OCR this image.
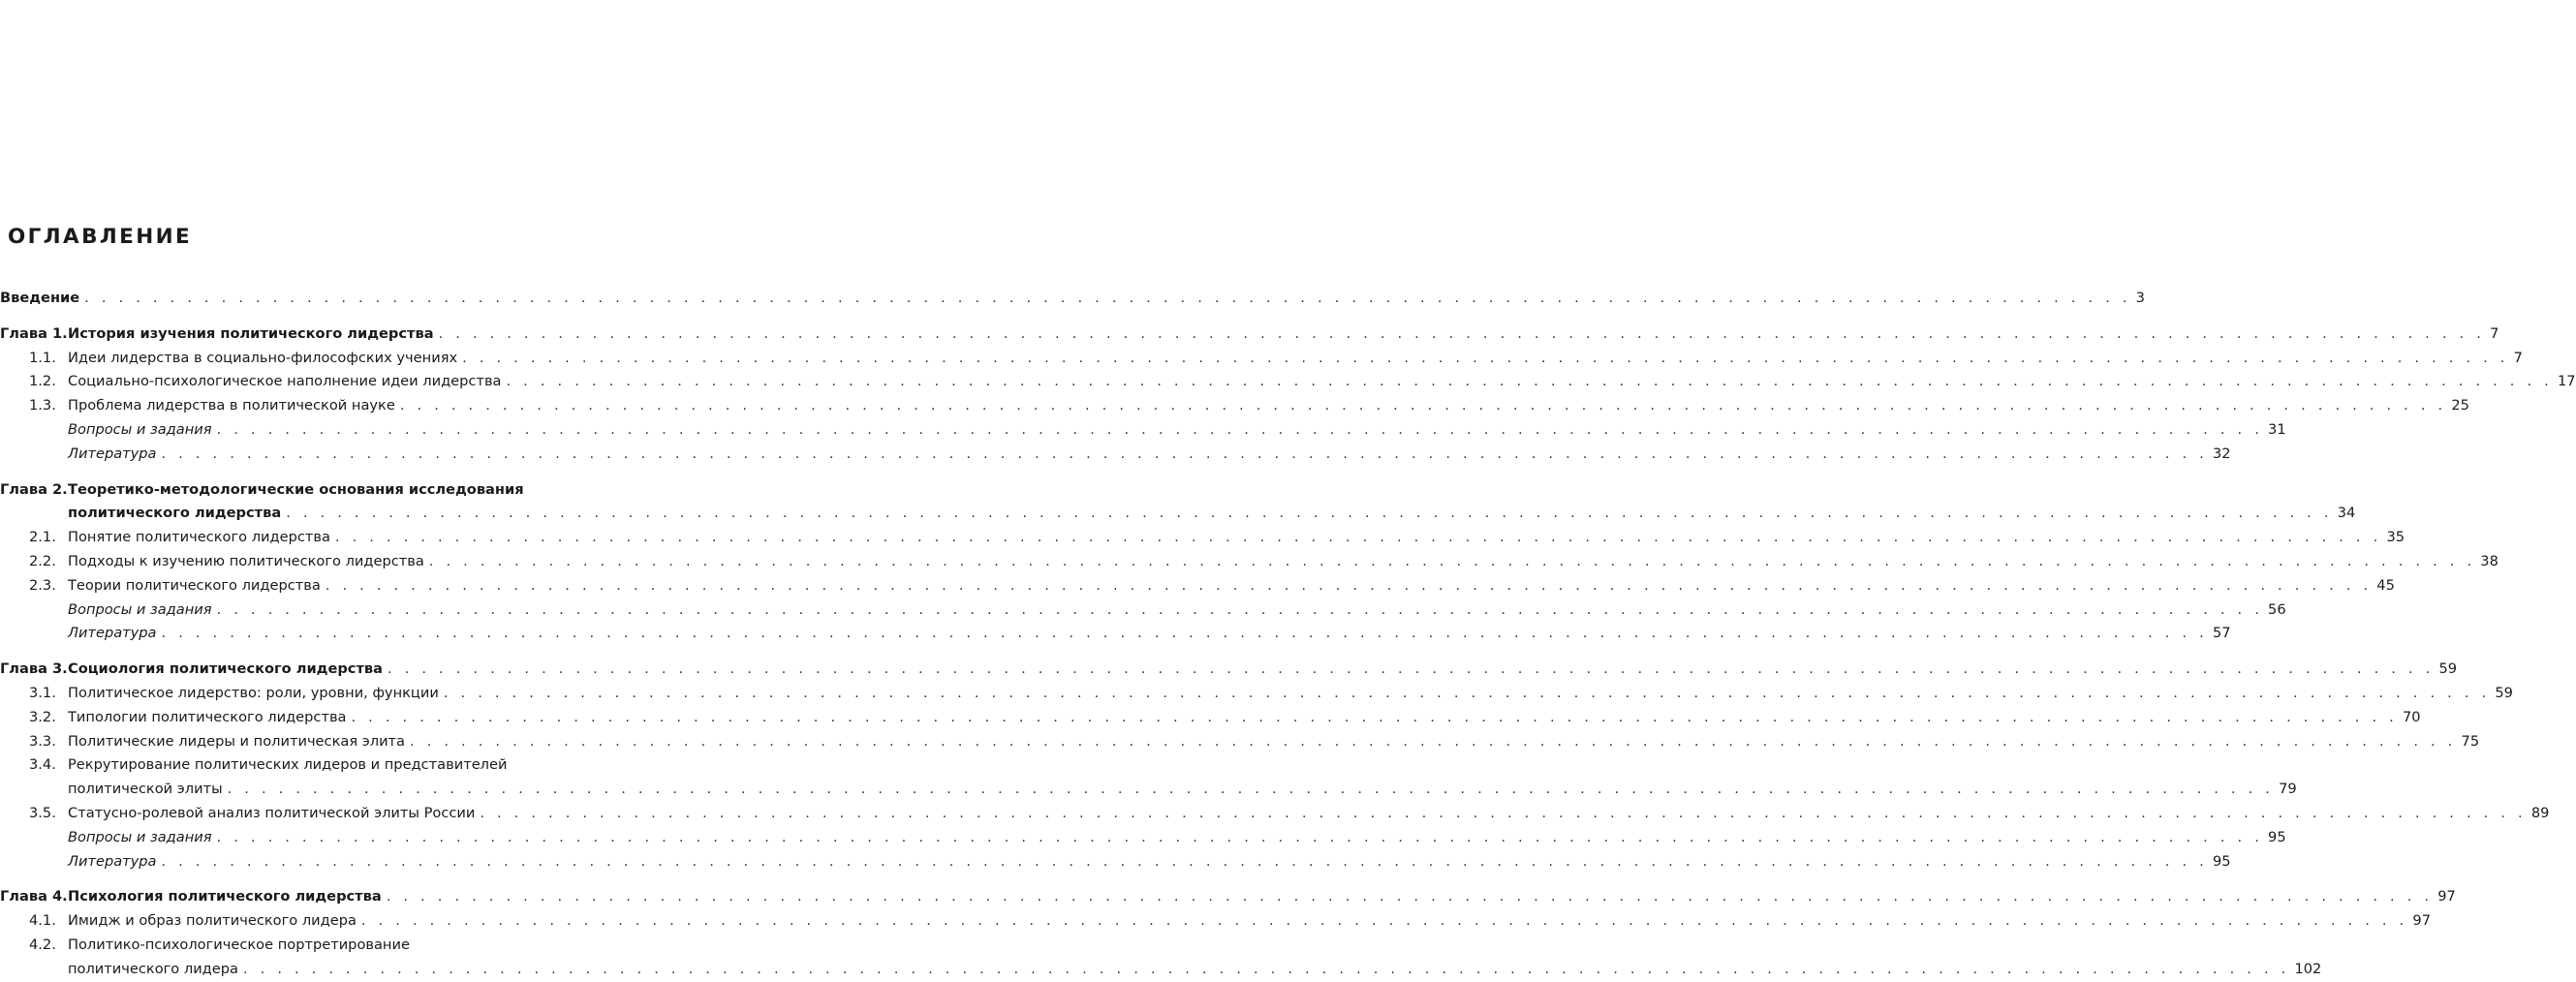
ОГЛАВЛЕНИЕ
Введение . . . . . . . . . . . . . . . . . . . . . . . . . . . . . . . . . . . . . . . . . . . . . . . . . . . . . . . . . . . . . . . . . . . . . . . . . . . . . . . . . . . . . . . . . . . . . . . . . . . . . . . . . . . . . . . . . . . . . . . . 3
Глава 1. История изучения политического лидерства . . . . . . . . . . . . . . . . . . . . . . . . . . . . . . . . . . . . . . . . . . . . . . . . . . . . . . . . . . . . . . . . . . . . . . . . . . . . . . . . . . . . . . . . . . . . . . . . . . . . . . . . . . . . . . . . . . . . . . . . 7
1.1. Идеи лидерства в социально-философских учениях . . . . . . . . . . . . . . . . . . . . . . . . . . . . . . . . . . . . . . . . . . . . . . . . . . . . . . . . . . . . . . . . . . . . . . . . . . . . . . . . . . . . . . . . . . . . . . . . . . . . . . . . . . . . . . . . . . . . . . . . 7
1.2. Социально-психологическое наполнение идеи лидерства . . . . . . . . . . . . . . . . . . . . . . . . . . . . . . . . . . . . . . . . . . . . . . . . . . . . . . . . . . . . . . . . . . . . . . . . . . . . . . . . . . . . . . . . . . . . . . . . . . . . . . . . . . . . . . . . . . . . . . . . 17
1.3. Проблема лидерства в политической науке . . . . . . . . . . . . . . . . . . . . . . . . . . . . . . . . . . . . . . . . . . . . . . . . . . . . . . . . . . . . . . . . . . . . . . . . . . . . . . . . . . . . . . . . . . . . . . . . . . . . . . . . . . . . . . . . . . . . . . . . 25
Вопросы и задания . . . . . . . . . . . . . . . . . . . . . . . . . . . . . . . . . . . . . . . . . . . . . . . . . . . . . . . . . . . . . . . . . . . . . . . . . . . . . . . . . . . . . . . . . . . . . . . . . . . . . . . . . . . . . . . . . . . . . . . . 31
Литература . . . . . . . . . . . . . . . . . . . . . . . . . . . . . . . . . . . . . . . . . . . . . . . . . . . . . . . . . . . . . . . . . . . . . . . . . . . . . . . . . . . . . . . . . . . . . . . . . . . . . . . . . . . . . . . . . . . . . . . . 32
Глава 2. Теоретико-методологические основания исследования
политического лидерства . . . . . . . . . . . . . . . . . . . . . . . . . . . . . . . . . . . . . . . . . . . . . . . . . . . . . . . . . . . . . . . . . . . . . . . . . . . . . . . . . . . . . . . . . . . . . . . . . . . . . . . . . . . . . . . . . . . . . . . . 34
2.1. Понятие политического лидерства . . . . . . . . . . . . . . . . . . . . . . . . . . . . . . . . . . . . . . . . . . . . . . . . . . . . . . . . . . . . . . . . . . . . . . . . . . . . . . . . . . . . . . . . . . . . . . . . . . . . . . . . . . . . . . . . . . . . . . . . 35
2.2. Подходы к изучению политического лидерства . . . . . . . . . . . . . . . . . . . . . . . . . . . . . . . . . . . . . . . . . . . . . . . . . . . . . . . . . . . . . . . . . . . . . . . . . . . . . . . . . . . . . . . . . . . . . . . . . . . . . . . . . . . . . . . . . . . . . . . . 38
2.3. Теории политического лидерства . . . . . . . . . . . . . . . . . . . . . . . . . . . . . . . . . . . . . . . . . . . . . . . . . . . . . . . . . . . . . . . . . . . . . . . . . . . . . . . . . . . . . . . . . . . . . . . . . . . . . . . . . . . . . . . . . . . . . . . . 45
Вопросы и задания . . . . . . . . . . . . . . . . . . . . . . . . . . . . . . . . . . . . . . . . . . . . . . . . . . . . . . . . . . . . . . . . . . . . . . . . . . . . . . . . . . . . . . . . . . . . . . . . . . . . . . . . . . . . . . . . . . . . . . . . 56
Литература . . . . . . . . . . . . . . . . . . . . . . . . . . . . . . . . . . . . . . . . . . . . . . . . . . . . . . . . . . . . . . . . . . . . . . . . . . . . . . . . . . . . . . . . . . . . . . . . . . . . . . . . . . . . . . . . . . . . . . . . 57
Глава 3. Социология политического лидерства . . . . . . . . . . . . . . . . . . . . . . . . . . . . . . . . . . . . . . . . . . . . . . . . . . . . . . . . . . . . . . . . . . . . . . . . . . . . . . . . . . . . . . . . . . . . . . . . . . . . . . . . . . . . . . . . . . . . . . . . 59
3.1. Политическое лидерство: роли, уровни, функции . . . . . . . . . . . . . . . . . . . . . . . . . . . . . . . . . . . . . . . . . . . . . . . . . . . . . . . . . . . . . . . . . . . . . . . . . . . . . . . . . . . . . . . . . . . . . . . . . . . . . . . . . . . . . . . . . . . . . . . . 59
3.2. Типологии политического лидерства . . . . . . . . . . . . . . . . . . . . . . . . . . . . . . . . . . . . . . . . . . . . . . . . . . . . . . . . . . . . . . . . . . . . . . . . . . . . . . . . . . . . . . . . . . . . . . . . . . . . . . . . . . . . . . . . . . . . . . . . 70
3.3. Политические лидеры и политическая элита . . . . . . . . . . . . . . . . . . . . . . . . . . . . . . . . . . . . . . . . . . . . . . . . . . . . . . . . . . . . . . . . . . . . . . . . . . . . . . . . . . . . . . . . . . . . . . . . . . . . . . . . . . . . . . . . . . . . . . . . 75
3.4. Рекрутирование политических лидеров и представителей
политической элиты . . . . . . . . . . . . . . . . . . . . . . . . . . . . . . . . . . . . . . . . . . . . . . . . . . . . . . . . . . . . . . . . . . . . . . . . . . . . . . . . . . . . . . . . . . . . . . . . . . . . . . . . . . . . . . . . . . . . . . . . 79
3.5. Статусно-ролевой анализ политической элиты России . . . . . . . . . . . . . . . . . . . . . . . . . . . . . . . . . . . . . . . . . . . . . . . . . . . . . . . . . . . . . . . . . . . . . . . . . . . . . . . . . . . . . . . . . . . . . . . . . . . . . . . . . . . . . . . . . . . . . . . . 89
Вопросы и задания . . . . . . . . . . . . . . . . . . . . . . . . . . . . . . . . . . . . . . . . . . . . . . . . . . . . . . . . . . . . . . . . . . . . . . . . . . . . . . . . . . . . . . . . . . . . . . . . . . . . . . . . . . . . . . . . . . . . . . . . 95
Литература . . . . . . . . . . . . . . . . . . . . . . . . . . . . . . . . . . . . . . . . . . . . . . . . . . . . . . . . . . . . . . . . . . . . . . . . . . . . . . . . . . . . . . . . . . . . . . . . . . . . . . . . . . . . . . . . . . . . . . . . 95
Глава 4. Психология политического лидерства . . . . . . . . . . . . . . . . . . . . . . . . . . . . . . . . . . . . . . . . . . . . . . . . . . . . . . . . . . . . . . . . . . . . . . . . . . . . . . . . . . . . . . . . . . . . . . . . . . . . . . . . . . . . . . . . . . . . . . . . 97
4.1. Имидж и образ политического лидера . . . . . . . . . . . . . . . . . . . . . . . . . . . . . . . . . . . . . . . . . . . . . . . . . . . . . . . . . . . . . . . . . . . . . . . . . . . . . . . . . . . . . . . . . . . . . . . . . . . . . . . . . . . . . . . . . . . . . . . . 97
4.2. Политико-психологическое портретирование
политического лидера . . . . . . . . . . . . . . . . . . . . . . . . . . . . . . . . . . . . . . . . . . . . . . . . . . . . . . . . . . . . . . . . . . . . . . . . . . . . . . . . . . . . . . . . . . . . . . . . . . . . . . . . . . . . . . . . . . . . . . . . 102
